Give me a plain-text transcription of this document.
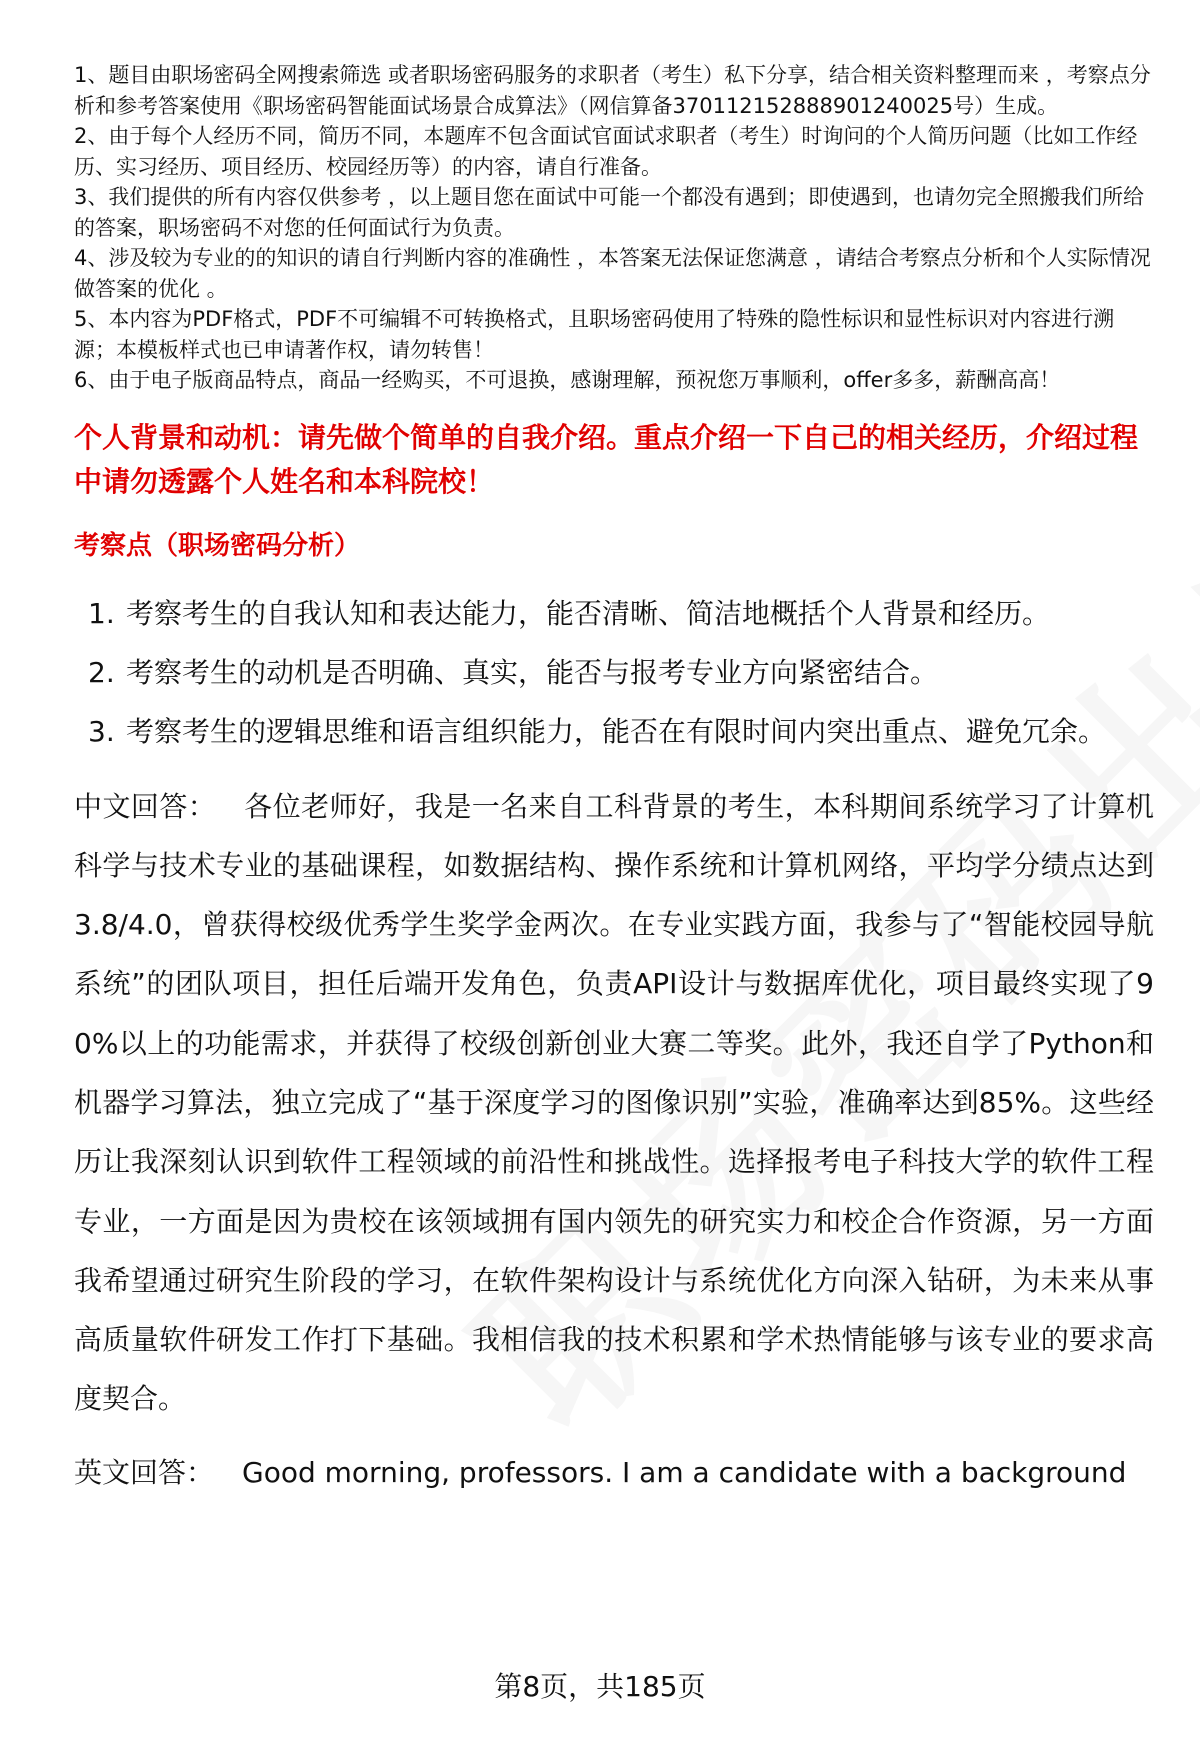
1、题目由职场密码全网搜索筛选 或者职场密码服务的求职者（考生）私下分享，结合相关资料整理而来 ，考察点分析和参考答案使用《职场密码智能面试场景合成算法》（网信算备370112152888901240025号）生成。

2、由于每个人经历不同，简历不同，本题库不包含面试官面试求职者（考生）时询问的个人简历问题（比如工作经历、实习经历、项目经历、校园经历等）的内容，请自行准备。

3、我们提供的所有内容仅供参考 ，以上题目您在面试中可能一个都没有遇到；即使遇到，也请勿完全照搬我们所给的答案，职场密码不对您的任何面试行为负责。

4、涉及较为专业的的知识的请自行判断内容的准确性 ，本答案无法保证您满意 ，请结合考察点分析和个人实际情况做答案的优化 。

5、本内容为PDF格式，PDF不可编辑不可转换格式，且职场密码使用了特殊的隐性标识和显性标识对内容进行溯源；本模板样式也已申请著作权，请勿转售！

6、由于电子版商品特点，商品一经购买，不可退换，感谢理解，预祝您万事顺利，offer多多，薪酬高高！

个人背景和动机：请先做个简单的自我介绍。重点介绍一下自己的相关经历，介绍过程中请勿透露个人姓名和本科院校！
考察点（职场密码分析）
1. 考察考生的自我认知和表达能力，能否清晰、简洁地概括个人背景和经历。
2. 考察考生的动机是否明确、真实，能否与报考专业方向紧密结合。
3. 考察考生的逻辑思维和语言组织能力，能否在有限时间内突出重点、避免冗余。
中文回答： 各位老师好，我是一名来自工科背景的考生，本科期间系统学习了计算机科学与技术专业的基础课程，如数据结构、操作系统和计算机网络，平均学分绩点达到3.8/4.0，曾获得校级优秀学生奖学金两次。在专业实践方面，我参与了“智能校园导航系统”的团队项目，担任后端开发角色，负责API设计与数据库优化，项目最终实现了90%以上的功能需求，并获得了校级创新创业大赛二等奖。此外，我还自学了Python和机器学习算法，独立完成了“基于深度学习的图像识别”实验，准确率达到85%。这些经历让我深刻认识到软件工程领域的前沿性和挑战性。选择报考电子科技大学的软件工程专业，一方面是因为贵校在该领域拥有国内领先的研究实力和校企合作资源，另一方面我希望通过研究生阶段的学习，在软件架构设计与系统优化方向深入钻研，为未来从事高质量软件研发工作打下基础。我相信我的技术积累和学术热情能够与该专业的要求高度契合。
英文回答： Good morning, professors. I am a candidate with a background
第8页，共185页
